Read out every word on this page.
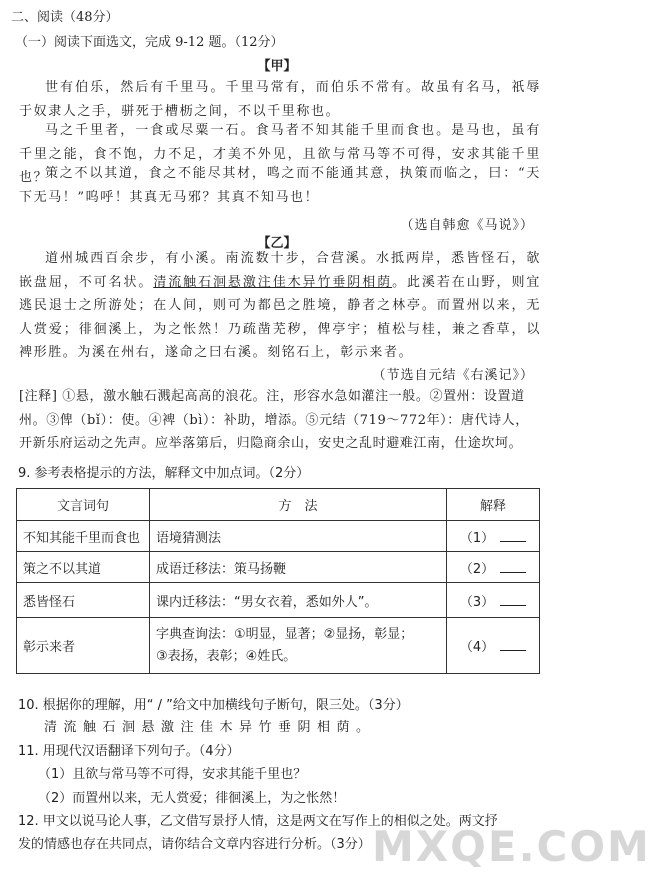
MXQE.COM
二、阅读（48分）
（一）阅读下面选文，完成 9-12 题。（12分）
【甲】
世有伯乐，然后有千里马。千里马常有，而伯乐不常有。故虽有名马，祇辱于奴隶人之手，骈死于槽枥之间，不以千里称也。
马之千里者，一食或尽粟一石。食马者不知其能千里而食也。是马也，虽有千里之能，食不饱，力不足，才美不外见，且欲与常马等不可得，安求其能千里也？
策之不以其道，食之不能尽其材，鸣之而不能通其意，执策而临之，曰：“天下无马！”呜呼！其真无马邪？其真不知马也！
（选自韩愈《马说》）
【乙】
道州城西百余步，有小溪。南流数十步，合营溪。水抵两岸，悉皆怪石，欹嵌盘屈，不可名状。清流触石洄悬激注佳木异竹垂阴相荫。此溪若在山野，则宜逃民退士之所游处；在人间，则可为都邑之胜境，静者之林亭。而置州以来，无人赏爱；徘徊溪上，为之怅然！乃疏凿芜秽，俾亭宇；植松与桂，兼之香草，以裨形胜。为溪在州右，遂命之曰右溪。刻铭石上，彰示来者。
（节选自元结《右溪记》）
[注释] ①悬，激水触石溅起高高的浪花。注，形容水急如灌注一般。②置州：设置道州。③俾（bǐ）：使。④裨（bì）：补助，增添。⑤元结（719～772年）：唐代诗人，开新乐府运动之先声。应举落第后，归隐商余山，安史之乱时避难江南，仕途坎坷。
9. 参考表格提示的方法，解释文中加点词。（2分）
文言词句	方　法	解释
不知其能千里而食也	语境猜测法	（1）
策之不以其道	成语迁移法：策马扬鞭	（2）
悉皆怪石	课内迁移法：“男女衣着，悉如外人”。	（3）
彰示来者	字典查询法：①明显，显著；②显扬，彰显；
③表扬，表彰；④姓氏。	（4）
10. 根据你的理解，用“ / ”给文中加横线句子断句，限三处。（3分）
清流触石洄悬激注佳木异竹垂阴相荫。
11. 用现代汉语翻译下列句子。（4分）
（1）且欲与常马等不可得，安求其能千里也？
（2）而置州以来，无人赏爱；徘徊溪上，为之怅然！
12. 甲文以说马论人事，乙文借写景抒人情，这是两文在写作上的相似之处。两文抒
发的情感也存在共同点，请你结合文章内容进行分析。（3分）
